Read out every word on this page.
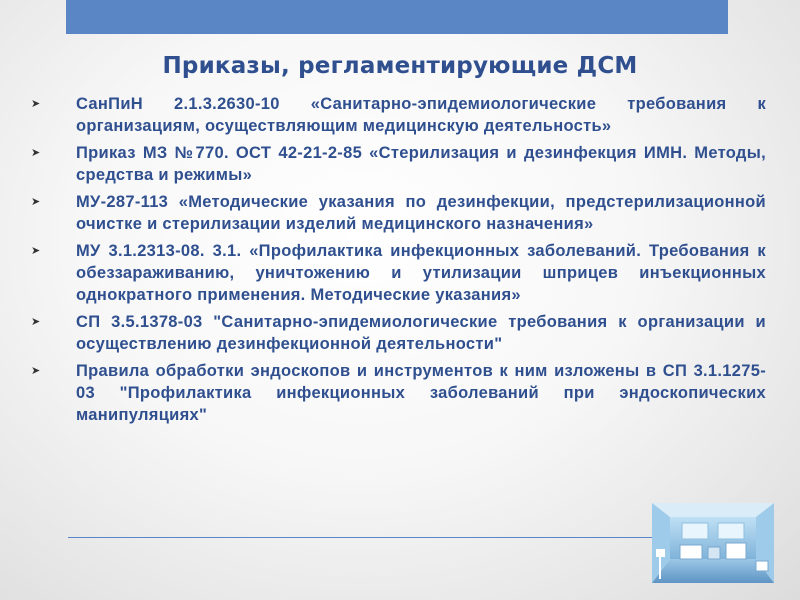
Приказы, регламентирующие ДСМ
➤ СанПиН 2.1.3.2630-10 «Санитарно-эпидемиологические требования к организациям, осуществляющим медицинскую деятельность»
➤ Приказ МЗ №770. ОСТ 42-21-2-85 «Стерилизация и дезинфекция ИМН. Методы, средства и режимы»
➤ МУ-287-113 «Методические указания по дезинфекции, предстерилизационной очистке и стерилизации изделий медицинского назначения»
➤ МУ 3.1.2313-08. 3.1. «Профилактика инфекционных заболеваний. Требования к обеззараживанию, уничтожению и утилизации шприцев инъекционных однократного применения. Методические указания»
➤ СП 3.5.1378-03 "Санитарно-эпидемиологические требования к организации и осуществлению дезинфекционной деятельности"
➤ Правила обработки эндоскопов и инструментов к ним изложены в СП 3.1.1275-03 "Профилактика инфекционных заболеваний при эндоскопических манипуляциях"
